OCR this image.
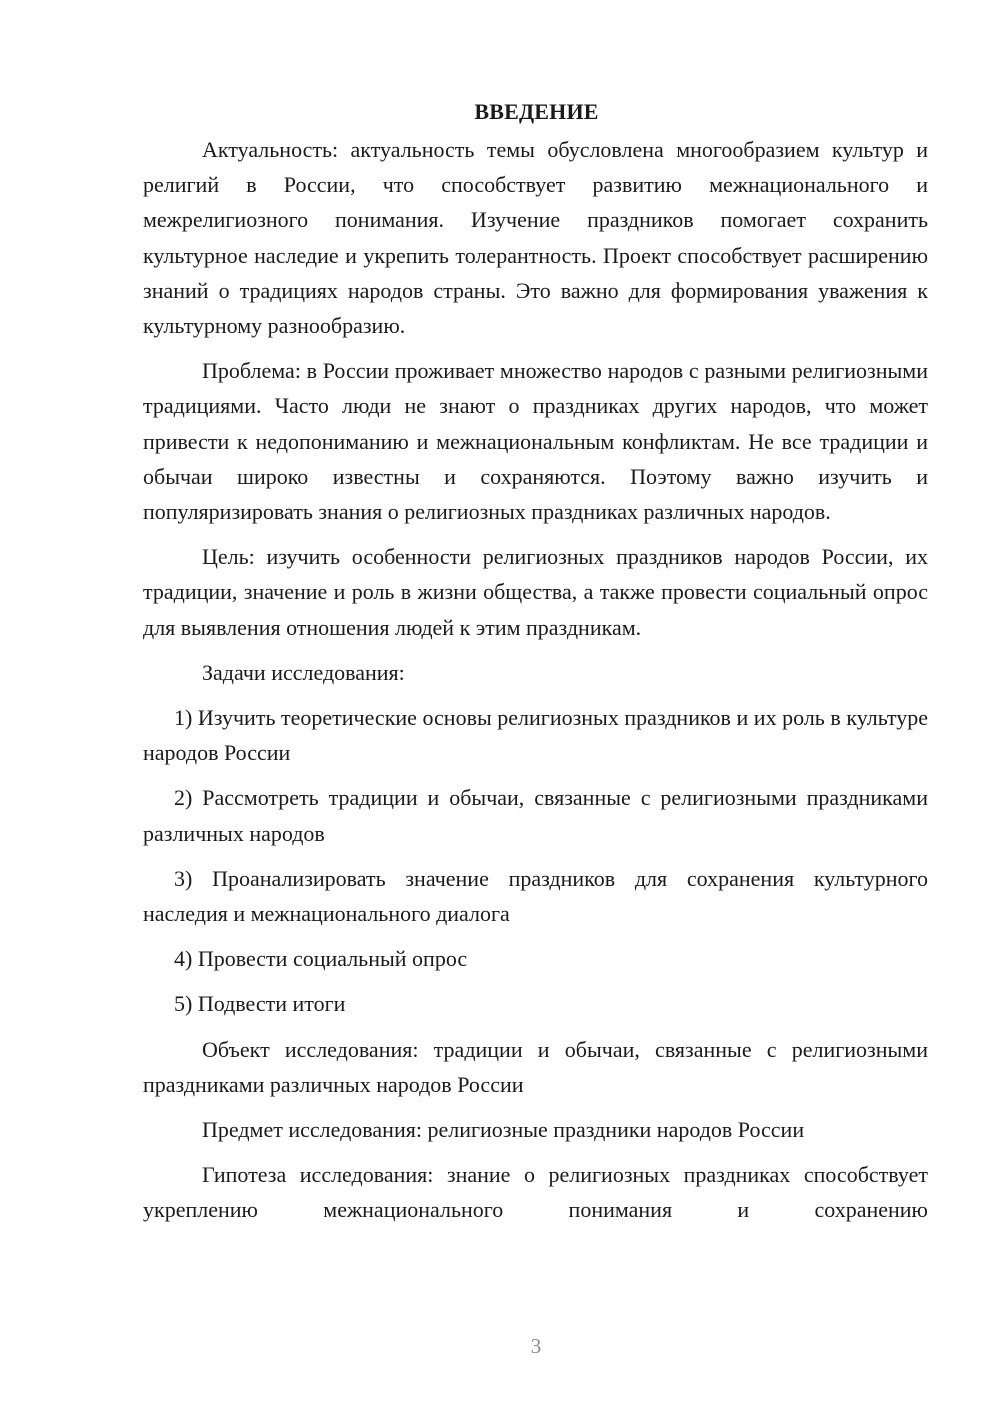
ВВЕДЕНИЕ

Актуальность: актуальность темы обусловлена многообразием культур и религий в России, что способствует развитию межнационального и межрелигиозного понимания. Изучение праздников помогает сохранить культурное наследие и укрепить толерантность. Проект способствует расширению знаний о традициях народов страны. Это важно для формирования уважения к культурному разнообразию.

Проблема: в России проживает множество народов с разными религиозными традициями. Часто люди не знают о праздниках других народов, что может привести к недопониманию и межнациональным конфликтам. Не все традиции и обычаи широко известны и сохраняются. Поэтому важно изучить и популяризировать знания о религиозных праздниках различных народов.

Цель: изучить особенности религиозных праздников народов России, их традиции, значение и роль в жизни общества, а также провести социальный опрос для выявления отношения людей к этим праздникам.

Задачи исследования:

1) Изучить теоретические основы религиозных праздников и их роль в культуре народов России

2) Рассмотреть традиции и обычаи, связанные с религиозными праздниками различных народов

3) Проанализировать значение праздников для сохранения культурного наследия и межнационального диалога

4) Провести социальный опрос

5) Подвести итоги

Объект исследования: традиции и обычаи, связанные с религиозными праздниками различных народов России

Предмет исследования: религиозные праздники народов России

Гипотеза исследования: знание о религиозных праздниках способствует укреплению межнационального понимания и сохранению

3
